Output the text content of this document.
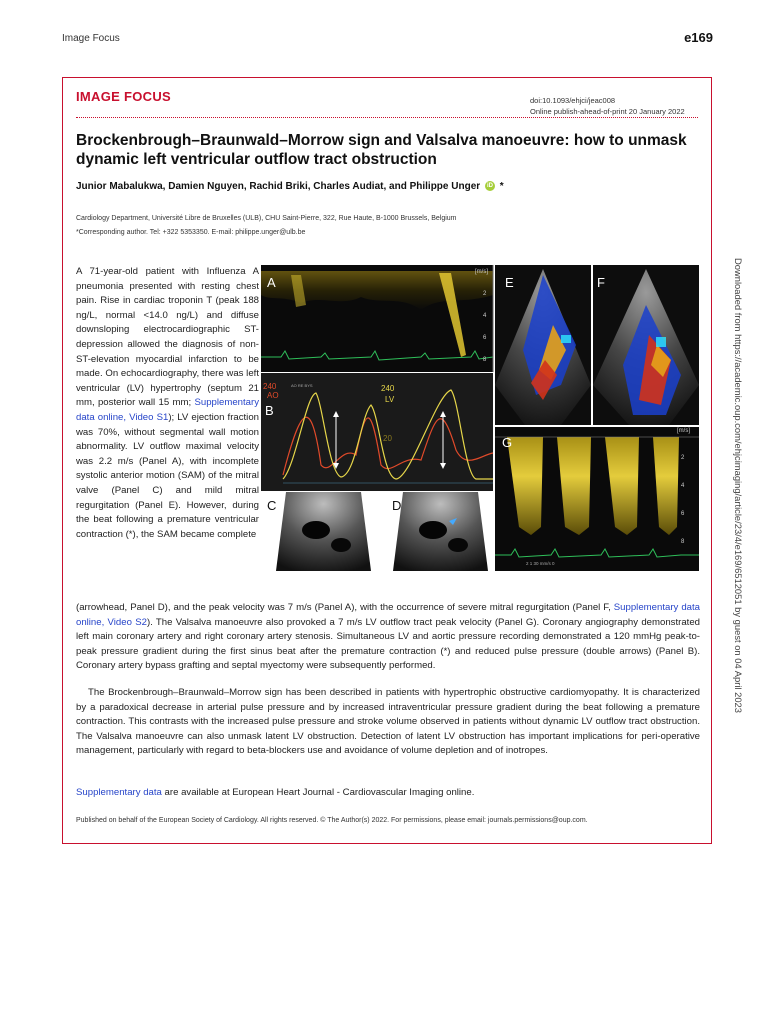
Image Focus	e169
IMAGE FOCUS	doi:10.1093/ehjci/jeac008
Online publish-ahead-of-print 20 January 2022
Brockenbrough–Braunwald–Morrow sign and Valsalva manoeuvre: how to unmask dynamic left ventricular outflow tract obstruction
Junior Mabalukwa, Damien Nguyen, Rachid Briki, Charles Audiat, and Philippe Unger iD *
Cardiology Department, Université Libre de Bruxelles (ULB), CHU Saint-Pierre, 322, Rue Haute, B-1000 Brussels, Belgium
*Corresponding author. Tel: +322 5353350. E-mail: philippe.unger@ulb.be

A 71-year-old patient with Influenza A pneumonia presented with resting chest pain. Rise in cardiac troponin T (peak 188 ng/L, normal <14.0 ng/L) and diffuse downsloping electrocardiographic ST-depression allowed the diagnosis of non-ST-elevation myocardial infarction to be made. On echocardiography, there was left ventricular (LV) hypertrophy (septum 21 mm, posterior wall 15 mm; Supplementary data online, Video S1); LV ejection fraction was 70%, without segmental wall motion abnormality. LV outflow maximal velocity was 2.2 m/s (Panel A), with incomplete systolic anterior motion (SAM) of the mitral valve (Panel C) and mild mitral regurgitation (Panel E). However, during the beat following a premature ventricular contraction (*), the SAM became complete

(arrowhead, Panel D), and the peak velocity was 7 m/s (Panel A), with the occurrence of severe mitral regurgitation (Panel F, Supplementary data online, Video S2). The Valsalva manoeuvre also provoked a 7 m/s LV outflow tract peak velocity (Panel G). Coronary angiography demonstrated left main coronary artery and right coronary artery stenosis. Simultaneous LV and aortic pressure recording demonstrated a 120 mmHg peak-to-peak pressure gradient during the first sinus beat after the premature contraction (*) and reduced pulse pressure (double arrows) (Panel B). Coronary artery bypass grafting and septal myectomy were subsequently performed.

The Brockenbrough–Braunwald–Morrow sign has been described in patients with hypertrophic obstructive cardiomyopathy. It is characterized by a paradoxical decrease in arterial pulse pressure and by increased intraventricular pressure gradient during the beat following a premature contraction. This contrasts with the increased pulse pressure and stroke volume observed in patients without dynamic LV outflow tract obstruction. The Valsalva manoeuvre can also unmask latent LV obstruction. Detection of latent LV obstruction has important implications for peri-operative management, particularly with regard to beta-blockers use and avoidance of volume depletion and of inotropes.

Supplementary data are available at European Heart Journal - Cardiovascular Imaging online.
Published on behalf of the European Society of Cardiology. All rights reserved. © The Author(s) 2022. For permissions, please email: journals.permissions@oup.com.
Downloaded from https://academic.oup.com/ehjcimaging/article/23/4/e169/6512051 by guest on 04 April 2023
A
[m/s]
2
4
6
8
240
AO
AO RE BYS	240
LV
20
B
C	D
E	F
G
[m/s]
2
4
6
8
2 1 30 mm/s 0
